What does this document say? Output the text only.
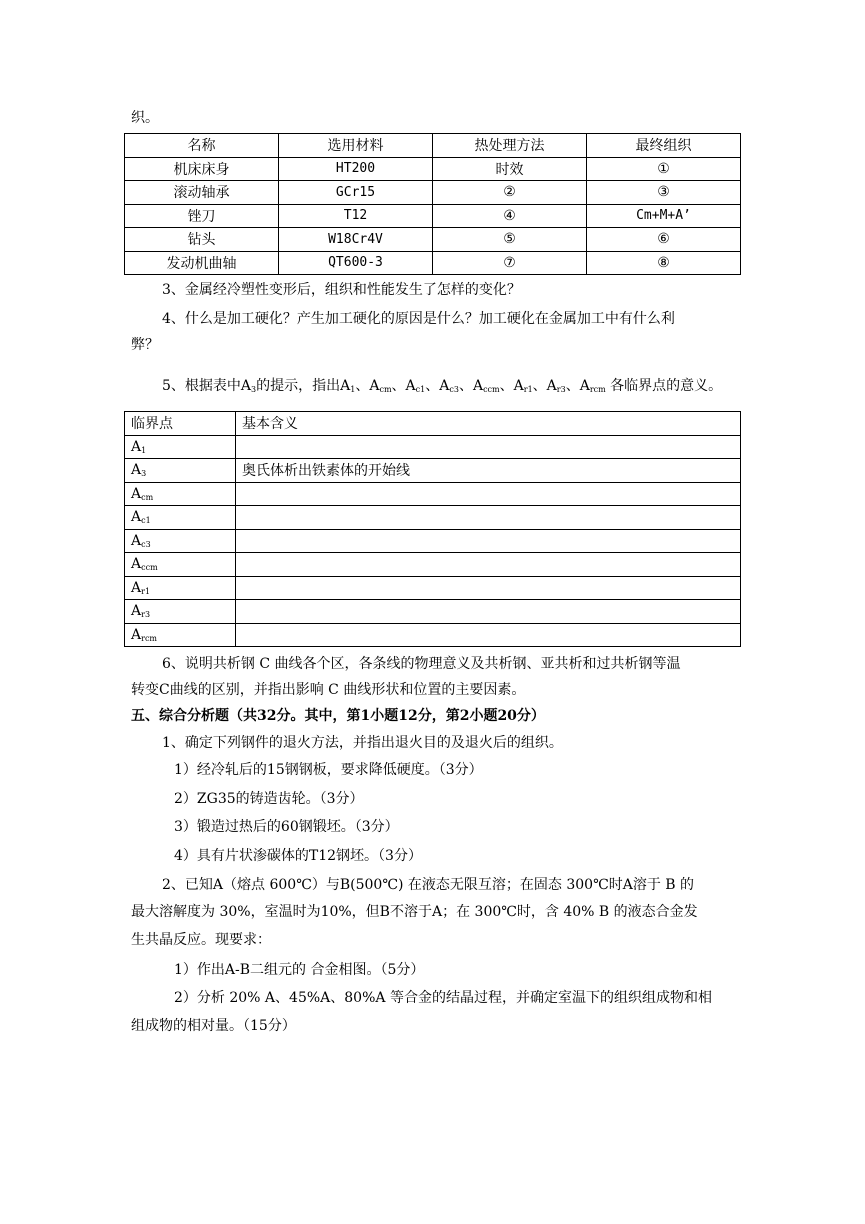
织。
名称	选用材料	热处理方法	最终组织
机床床身	HT200	时效	①
滚动轴承	GCr15	②	③
锉刀	T12	④	Cm+M+A’
钻头	W18Cr4V	⑤	⑥
发动机曲轴	QT600-3	⑦	⑧
3、金属经冷塑性变形后，组织和性能发生了怎样的变化？
4、什么是加工硬化？产生加工硬化的原因是什么？加工硬化在金属加工中有什么利
弊？
5、根据表中$A_3$的提示，指出$A_1$、$A_{cm}$、$A_{c1}$、$A_{c3}$、$A_{ccm}$、$A_{r1}$、$A_{r3}$、$A_{rcm}$ 各临界点的意义。
临界点	基本含义
$A_1$	
$A_3$	奥氏体析出铁素体的开始线
$A_{cm}$	
$A_{c1}$	
$A_{c3}$	
$A_{ccm}$	
$A_{r1}$	
$A_{r3}$	
$A_{rcm}$	
6、说明共析钢 C 曲线各个区，各条线的物理意义及共析钢、亚共析和过共析钢等温
转变C曲线的区别，并指出影响 C 曲线形状和位置的主要因素。
五、综合分析题（共32分。其中，第1小题12分，第2小题20分）
1、确定下列钢件的退火方法，并指出退火目的及退火后的组织。
1）经冷轧后的15钢钢板，要求降低硬度。（3分）
2）ZG35的铸造齿轮。（3分）
3）锻造过热后的60钢锻坯。（3分）
4）具有片状渗碳体的T12钢坯。（3分）
2、已知A（熔点 600℃）与B(500℃) 在液态无限互溶；在固态 300℃时A溶于 B 的
最大溶解度为 30%，室温时为10%，但B不溶于A；在 300℃时，含 40% B 的液态合金发
生共晶反应。现要求：
1）作出A-B二组元的 合金相图。（5分）
2）分析 20% A、45%A、80%A 等合金的结晶过程，并确定室温下的组织组成物和相
组成物的相对量。（15分）
